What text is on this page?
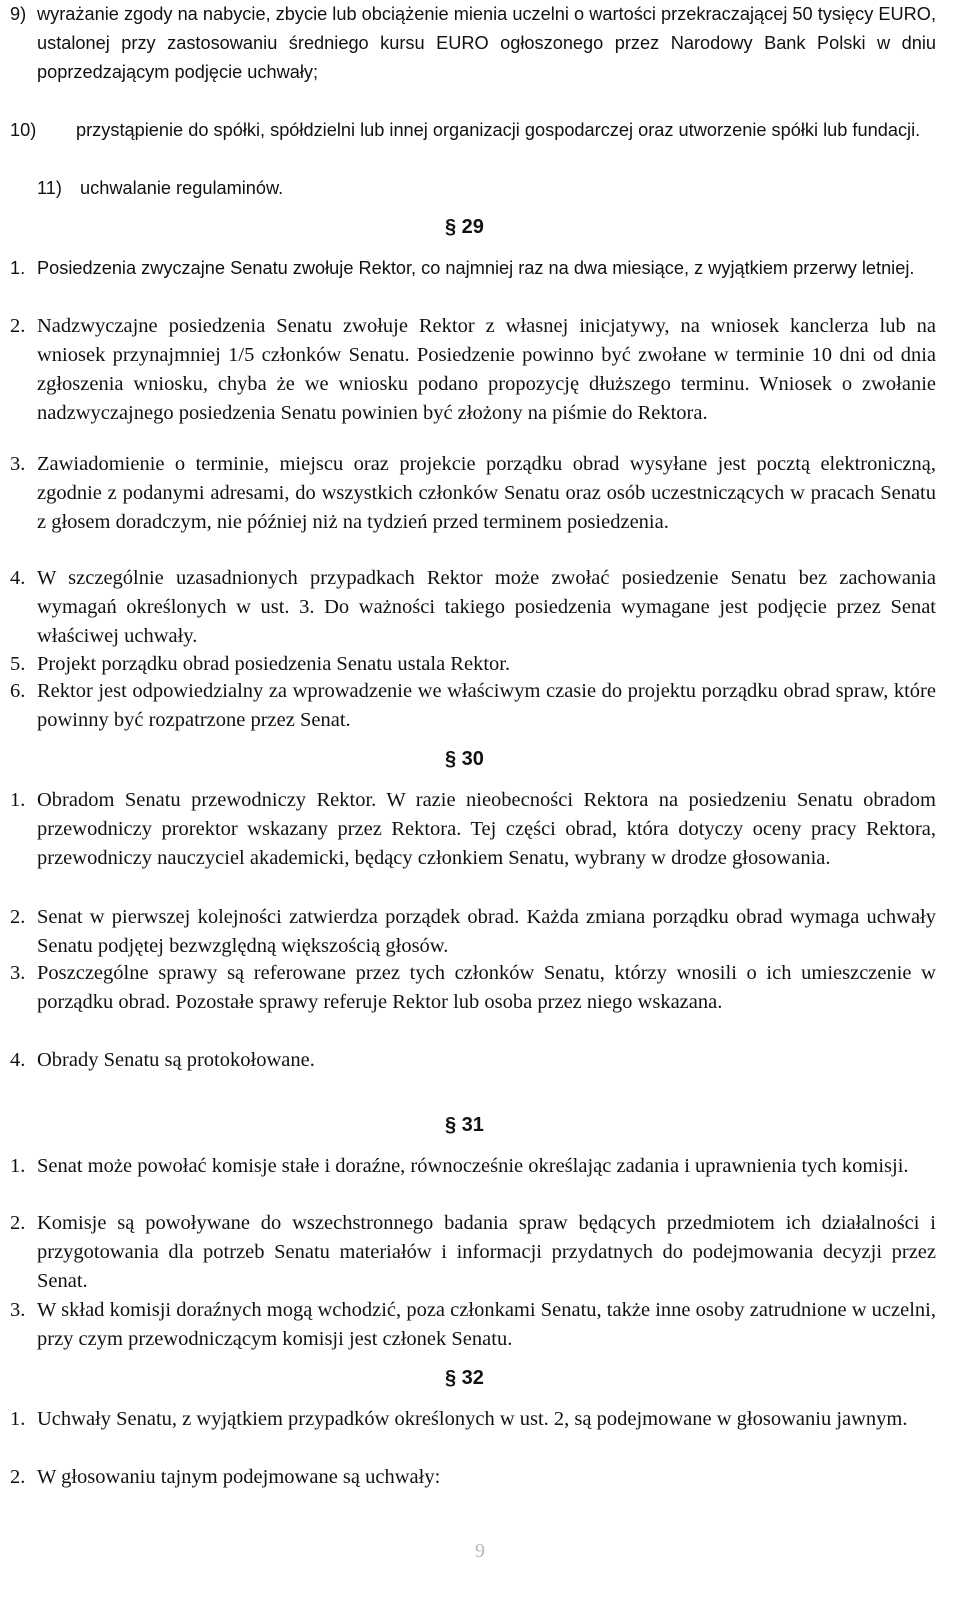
9) wyrażanie zgody na nabycie, zbycie lub obciążenie mienia uczelni o wartości przekraczającej 50 tysięcy EURO, ustalonej przy zastosowaniu średniego kursu EURO ogłoszonego przez Narodowy Bank Polski w dniu poprzedzającym podjęcie uchwały;
10) przystąpienie do spółki, spółdzielni lub innej organizacji gospodarczej oraz utworzenie spółki lub fundacji.
11) uchwalanie regulaminów.
§ 29
1. Posiedzenia zwyczajne Senatu zwołuje Rektor, co najmniej raz na dwa miesiące, z wyjątkiem przerwy letniej.
2. Nadzwyczajne posiedzenia Senatu zwołuje Rektor z własnej inicjatywy, na wniosek kanclerza lub na wniosek przynajmniej 1/5 członków Senatu. Posiedzenie powinno być zwołane w terminie 10 dni od dnia zgłoszenia wniosku, chyba że we wniosku podano propozycję dłuższego terminu. Wniosek o zwołanie nadzwyczajnego posiedzenia Senatu powinien być złożony na piśmie do Rektora.
3. Zawiadomienie o terminie, miejscu oraz projekcie porządku obrad wysyłane jest pocztą elektroniczną, zgodnie z podanymi adresami, do wszystkich członków Senatu oraz osób uczestniczących w pracach Senatu z głosem doradczym, nie później niż na tydzień przed terminem posiedzenia.
4. W szczególnie uzasadnionych przypadkach Rektor może zwołać posiedzenie Senatu bez zachowania wymagań określonych w ust. 3. Do ważności takiego posiedzenia wymagane jest podjęcie przez Senat właściwej uchwały.
5. Projekt porządku obrad posiedzenia Senatu ustala Rektor.
6. Rektor jest odpowiedzialny za wprowadzenie we właściwym czasie do projektu porządku obrad spraw, które powinny być rozpatrzone przez Senat.
§ 30
1. Obradom Senatu przewodniczy Rektor. W razie nieobecności Rektora na posiedzeniu Senatu obradom przewodniczy prorektor wskazany przez Rektora. Tej części obrad, która dotyczy oceny pracy Rektora, przewodniczy nauczyciel akademicki, będący członkiem Senatu, wybrany w drodze głosowania.
2. Senat w pierwszej kolejności zatwierdza porządek obrad. Każda zmiana porządku obrad wymaga uchwały Senatu podjętej bezwzględną większością głosów.
3. Poszczególne sprawy są referowane przez tych członków Senatu, którzy wnosili o ich umieszczenie w porządku obrad. Pozostałe sprawy referuje Rektor lub osoba przez niego wskazana.
4. Obrady Senatu są protokołowane.
§ 31
1. Senat może powołać komisje stałe i doraźne, równocześnie określając zadania i uprawnienia tych komisji.
2. Komisje są powoływane do wszechstronnego badania spraw będących przedmiotem ich działalności i przygotowania dla potrzeb Senatu materiałów i informacji przydatnych do podejmowania decyzji przez Senat.
3. W skład komisji doraźnych mogą wchodzić, poza członkami Senatu, także inne osoby zatrudnione w uczelni, przy czym przewodniczącym komisji jest członek Senatu.
§ 32
1. Uchwały Senatu, z wyjątkiem przypadków określonych w ust. 2, są podejmowane w głosowaniu jawnym.
2. W głosowaniu tajnym podejmowane są uchwały:
9
